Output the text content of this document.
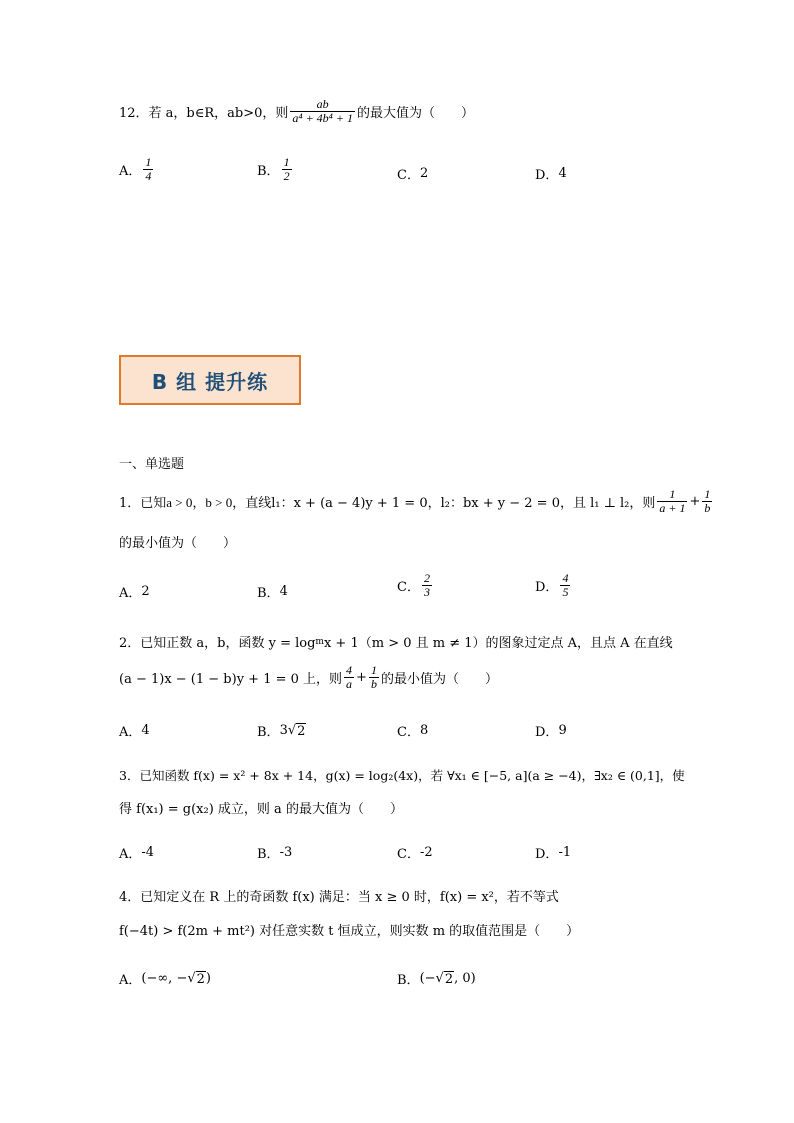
12．若 a，b∈R，ab>0，则 $\frac{ab}{\text{a⁴ + 4b⁴ + 1}}$ 的最大值为（　　）
A． $\frac{1}{4}$	B． $\frac{1}{2}$	C． 2	D． 4
B 组 提升练
一、单选题
1．已知 a > 0，b > 0，直线 l₁：x + (a − 4)y + 1 = 0，l₂：bx + y − 2 = 0，且 l₁ ⊥ l₂，则 $\frac{1}{a + 1} + \frac{1}{b}$
的最小值为（　　）
A． 2	B． 4	C． $\frac{2}{3}$	D． $\frac{4}{5}$
2．已知正数 a，b，函数 y = log m x + 1（m > 0 且 m ≠ 1）的图象过定点 A，且点 A 在直线
(a − 1)x − (1 − b)y + 1 = 0 上，则 $\frac{4}{a} + \frac{1}{b}$ 的最小值为（　　）
A． 4	B． 3 √ 2	C． 8	D． 9
3．已知函数 f(x) = x² + 8x + 14，g(x) = log₂(4x)，若 ∀x₁ ∈ [−5, a](a ≥ −4)，∃x₂ ∈ (0,1]，使
得 f(x₁) = g(x₂) 成立，则 a 的最大值为（　　）
A． -4	B． -3	C． -2	D． -1
4．已知定义在 R 上的奇函数 f(x) 满足：当 x ≥ 0 时，f(x) = x²，若不等式
f(−4t) > f(2m + mt²) 对任意实数 t 恒成立，则实数 m 的取值范围是（　　）
A． (−∞, − √ 2 )	B． (− √ 2 , 0)
